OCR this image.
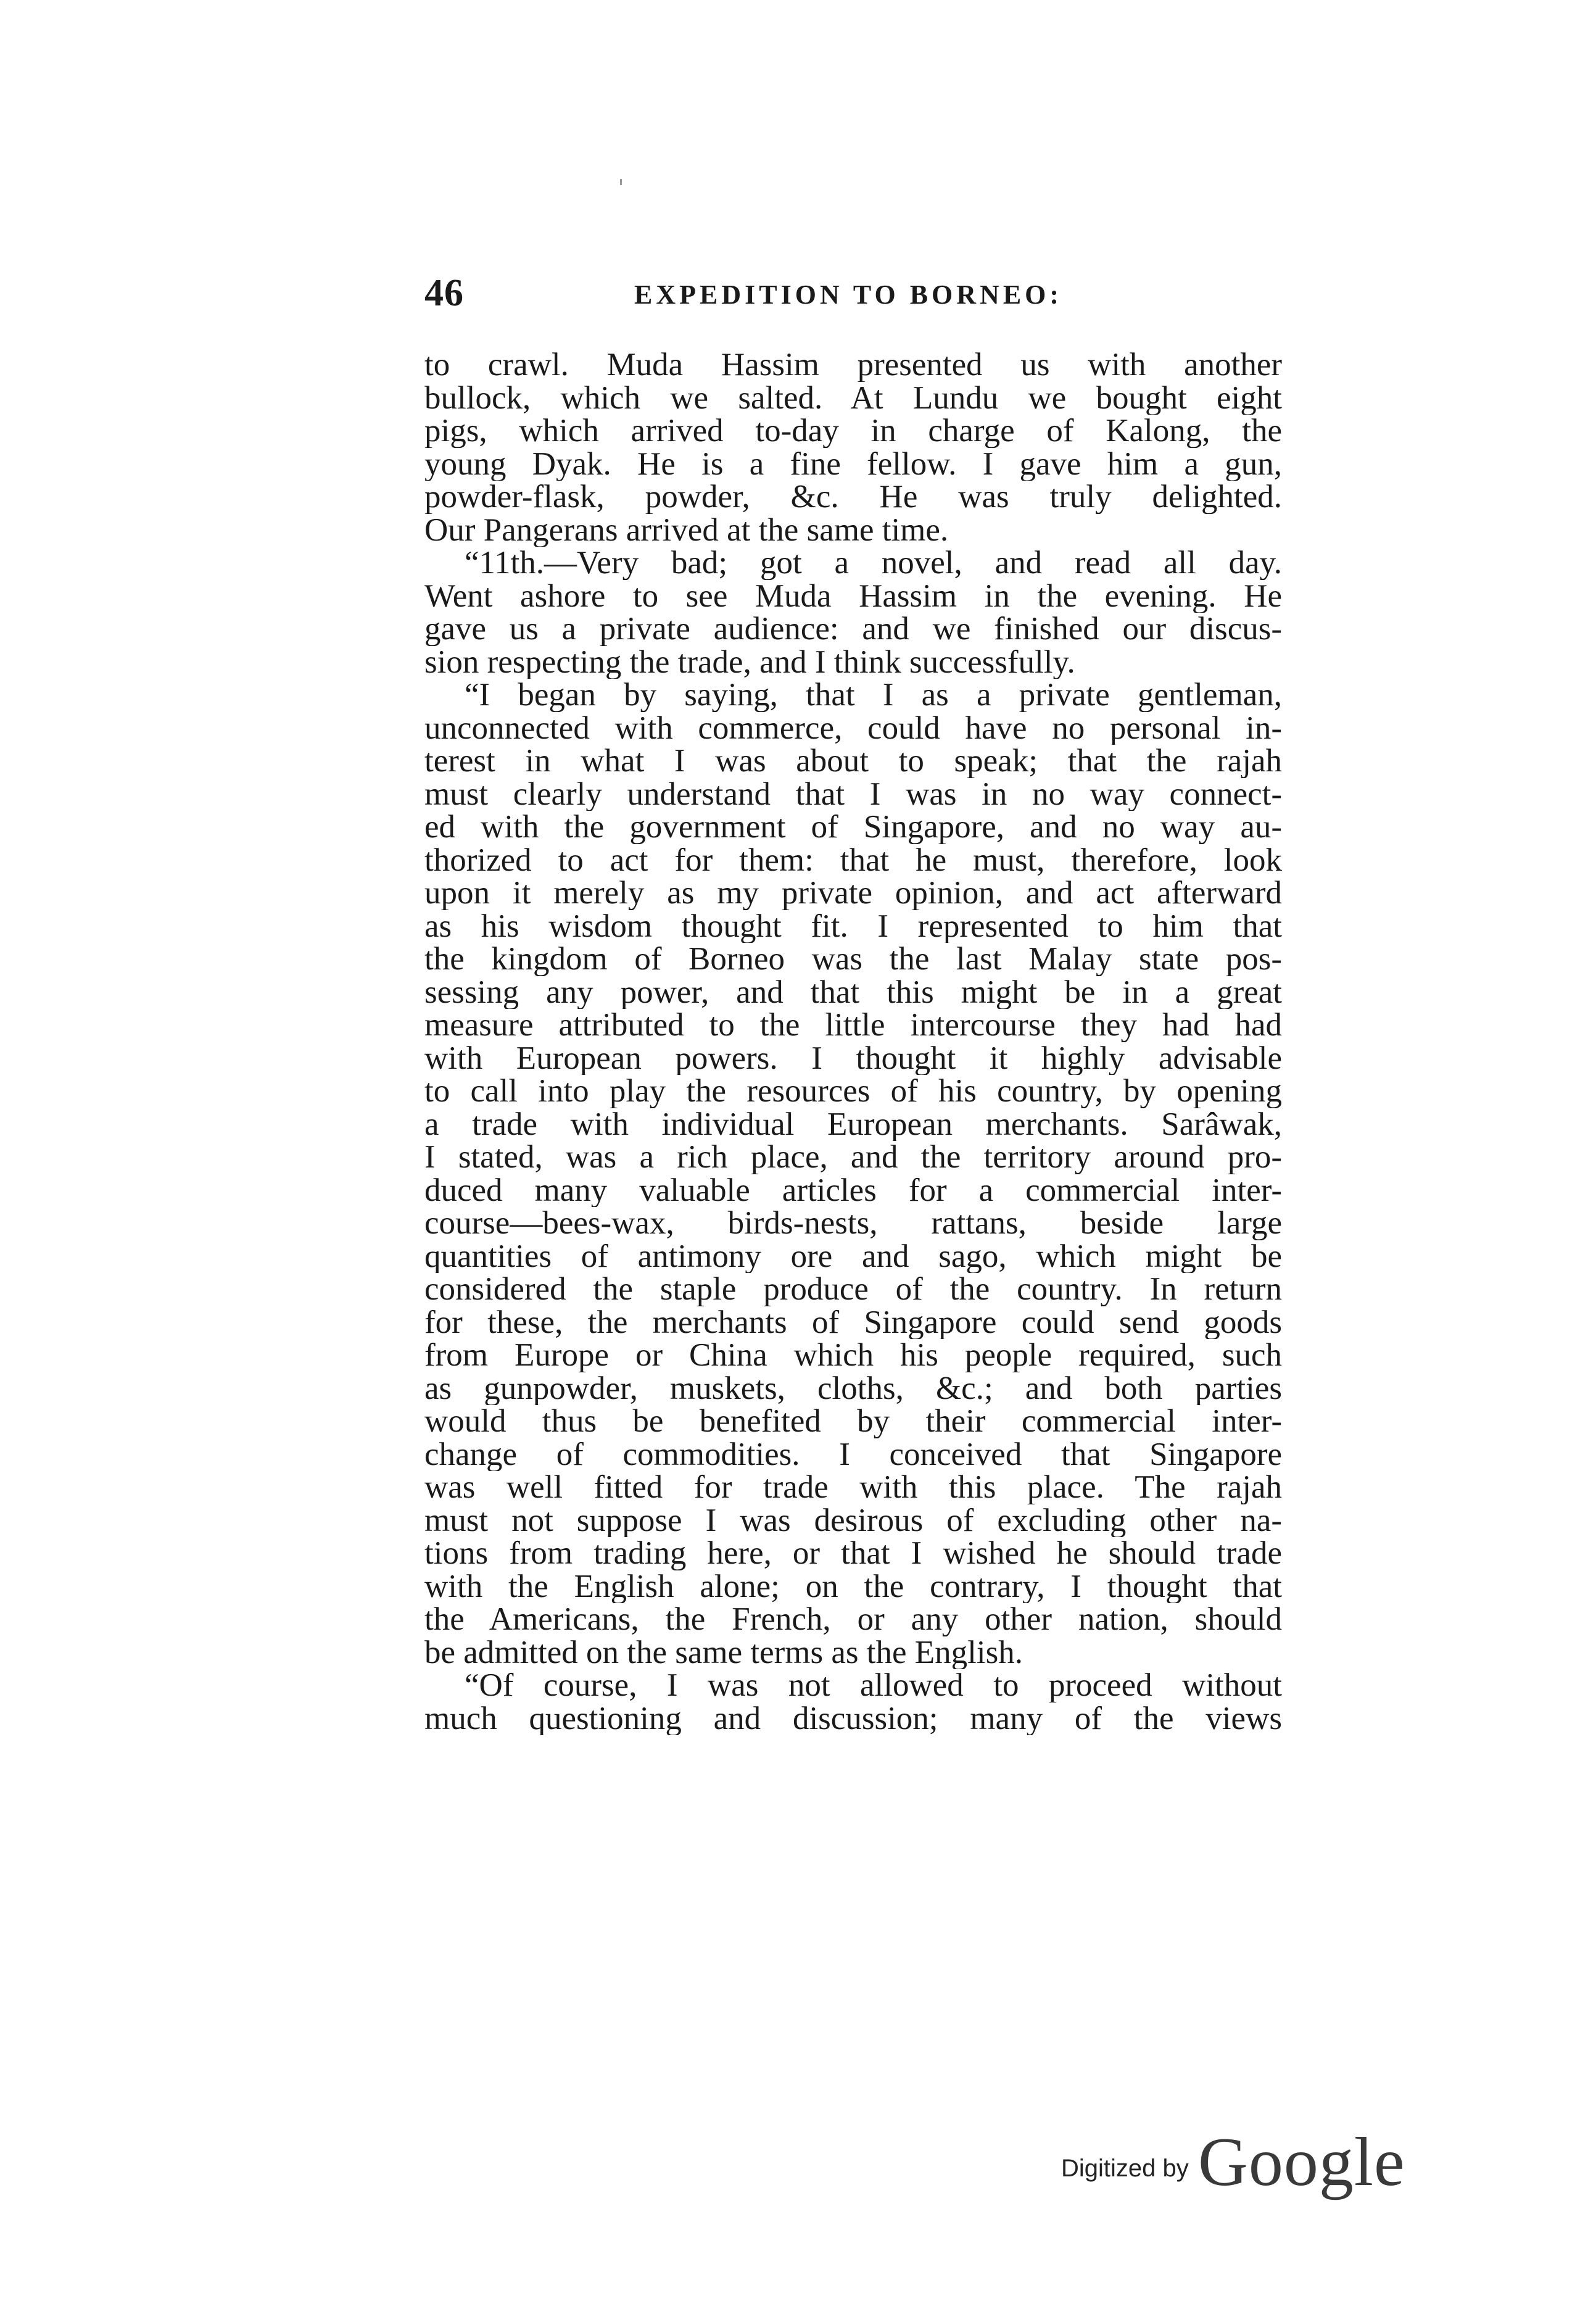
46	EXPEDITION TO BORNEO:
to crawl. Muda Hassim presented us with another
bullock, which we salted. At Lundu we bought eight
pigs, which arrived to-day in charge of Kalong, the
young Dyak. He is a fine fellow. I gave him a gun,
powder-flask, powder, &c. He was truly delighted.
Our Pangerans arrived at the same time.
“11th.—Very bad; got a novel, and read all day.
Went ashore to see Muda Hassim in the evening. He
gave us a private audience: and we finished our discus-
sion respecting the trade, and I think successfully.
“I began by saying, that I as a private gentleman,
unconnected with commerce, could have no personal in-
terest in what I was about to speak; that the rajah
must clearly understand that I was in no way connect-
ed with the government of Singapore, and no way au-
thorized to act for them: that he must, therefore, look
upon it merely as my private opinion, and act afterward
as his wisdom thought fit. I represented to him that
the kingdom of Borneo was the last Malay state pos-
sessing any power, and that this might be in a great
measure attributed to the little intercourse they had had
with European powers. I thought it highly advisable
to call into play the resources of his country, by opening
a trade with individual European merchants. Sarâwak,
I stated, was a rich place, and the territory around pro-
duced many valuable articles for a commercial inter-
course—bees-wax, birds-nests, rattans, beside large
quantities of antimony ore and sago, which might be
considered the staple produce of the country. In return
for these, the merchants of Singapore could send goods
from Europe or China which his people required, such
as gunpowder, muskets, cloths, &c.; and both parties
would thus be benefited by their commercial inter-
change of commodities. I conceived that Singapore
was well fitted for trade with this place. The rajah
must not suppose I was desirous of excluding other na-
tions from trading here, or that I wished he should trade
with the English alone; on the contrary, I thought that
the Americans, the French, or any other nation, should
be admitted on the same terms as the English.
“Of course, I was not allowed to proceed without
much questioning and discussion; many of the views
Digitized by Google
